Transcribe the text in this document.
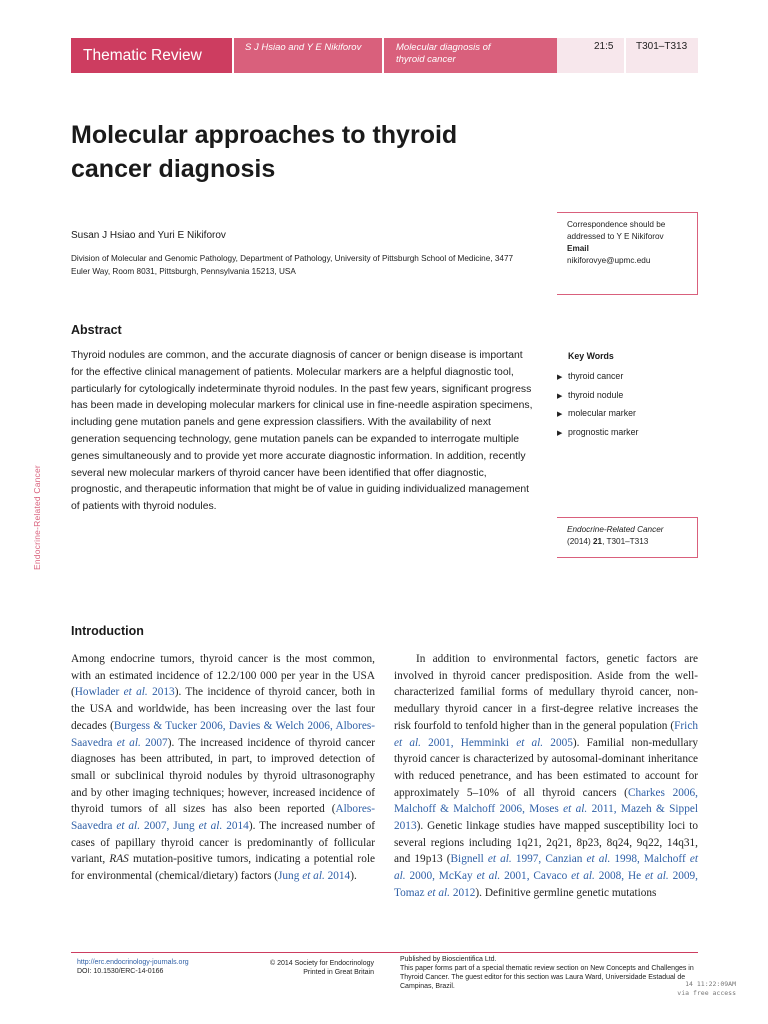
Thematic Review	S J Hsiao and Y E Nikiforov	Molecular diagnosis of
thyroid cancer
21:5 T301–T313
Molecular approaches to thyroid cancer diagnosis
Susan J Hsiao and Yuri E Nikiforov
Division of Molecular and Genomic Pathology, Department of Pathology, University of Pittsburgh School of Medicine, 3477 Euler Way, Room 8031, Pittsburgh, Pennsylvania 15213, USA
Correspondence should be addressed to Y E Nikiforov
Email
nikiforovye@upmc.edu
Abstract

Thyroid nodules are common, and the accurate diagnosis of cancer or benign disease is important for the effective clinical management of patients. Molecular markers are a helpful diagnostic tool, particularly for cytologically indeterminate thyroid nodules. In the past few years, significant progress has been made in developing molecular markers for clinical use in fine-needle aspiration specimens, including gene mutation panels and gene expression classifiers. With the availability of next generation sequencing technology, gene mutation panels can be expanded to interrogate multiple genes simultaneously and to provide yet more accurate diagnostic information. In addition, recently several new molecular markers of thyroid cancer have been identified that offer diagnostic, prognostic, and therapeutic information that might be of value in guiding individualized management of patients with thyroid nodules.

Key Words
▶ thyroid cancer
▶ thyroid nodule
▶ molecular marker
▶ prognostic marker
Endocrine-Related Cancer
(2014) 21, T301–T313
Endocrine-Related Cancer
Introduction

Among endocrine tumors, thyroid cancer is the most common, with an estimated incidence of 12.2/100 000 per year in the USA (Howlader et al. 2013). The incidence of thyroid cancer, both in the USA and worldwide, has been increasing over the last four decades (Burgess & Tucker 2006, Davies & Welch 2006, Albores-Saavedra et al. 2007). The increased incidence of thyroid cancer diagnoses has been attributed, in part, to improved detection of small or subclinical thyroid nodules by thyroid ultrasonography and by other imaging techniques; however, increased incidence of thyroid tumors of all sizes has also been reported (Albores-Saavedra et al. 2007, Jung et al. 2014). The increased number of cases of papillary thyroid cancer is predominantly of follicular variant, RAS mutation-positive tumors, indicating a potential role for environmental (chemical/dietary) factors (Jung et al. 2014).

In addition to environmental factors, genetic factors are involved in thyroid cancer predisposition. Aside from the well-characterized familial forms of medullary thyroid cancer, non-medullary thyroid cancer in a first-degree relative increases the risk fourfold to tenfold higher than in the general population (Frich et al. 2001, Hemminki et al. 2005). Familial non-medullary thyroid cancer is characterized by autosomal-dominant inheritance with reduced penetrance, and has been estimated to account for approximately 5–10% of all thyroid cancers (Charkes 2006, Malchoff & Malchoff 2006, Moses et al. 2011, Mazeh & Sippel 2013). Genetic linkage studies have mapped susceptibility loci to several regions including 1q21, 2q21, 8p23, 8q24, 9q22, 14q31, and 19p13 (Bignell et al. 1997, Canzian et al. 1998, Malchoff et al. 2000, McKay et al. 2001, Cavaco et al. 2008, He et al. 2009, Tomaz et al. 2012). Definitive germline genetic mutations

http://erc.endocrinology-journals.org
DOI: 10.1530/ERC-14-0166
© 2014 Society for Endocrinology
Printed in Great Britain
Published by Bioscientifica Ltd.
This paper forms part of a special thematic review section on New Concepts and Challenges in Thyroid Cancer. The guest editor for this section was Laura Ward, Universidade Estadual de Campinas, Brazil.	14 11:22:09AM
via free access
